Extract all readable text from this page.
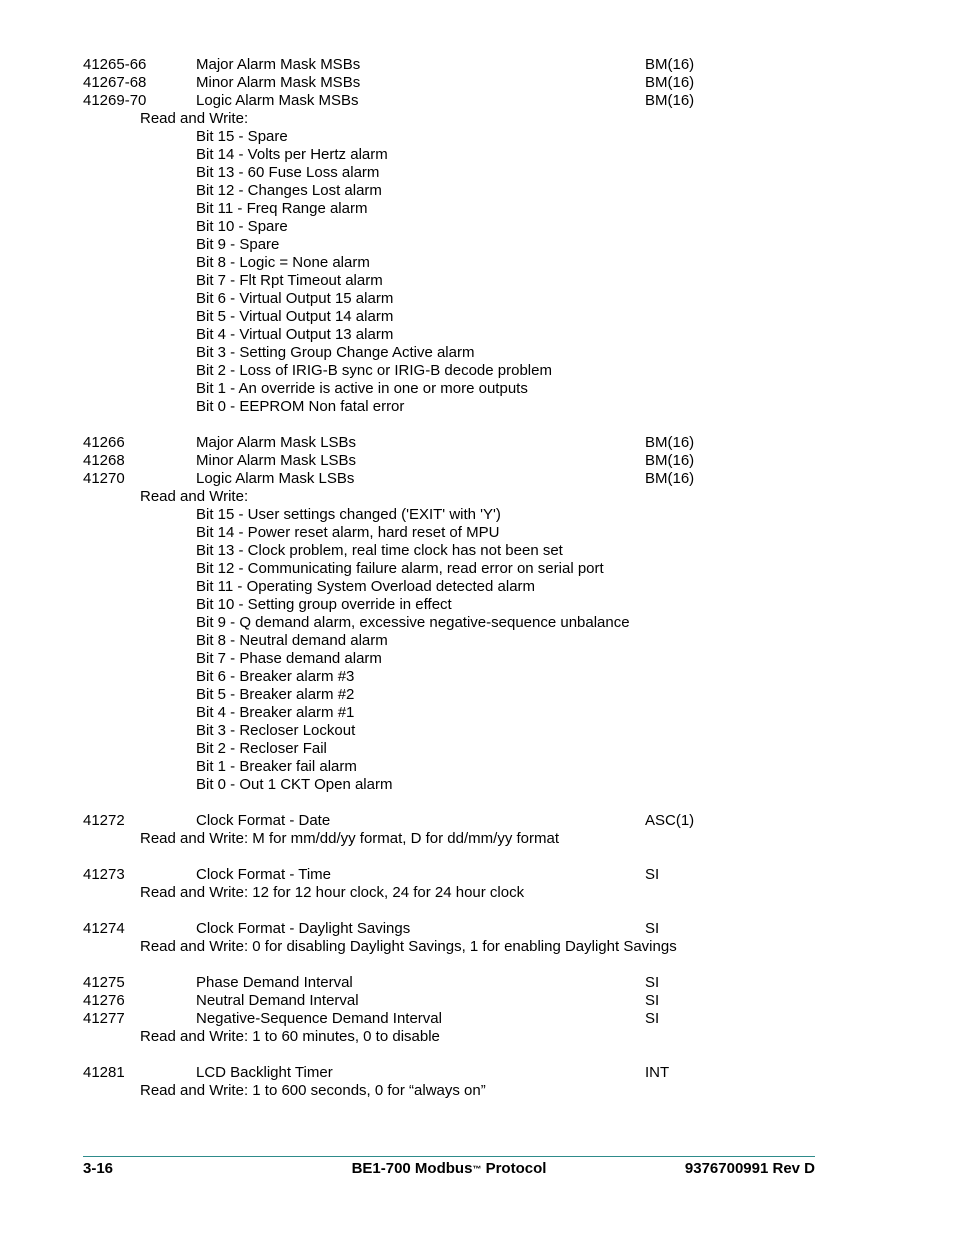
41265-66	Major Alarm Mask MSBs	BM(16)
41267-68	Minor Alarm Mask MSBs	BM(16)
41269-70	Logic Alarm Mask MSBs	BM(16)
Read and Write:
Bit 15 - Spare
Bit 14 - Volts per Hertz alarm
Bit 13 - 60 Fuse Loss alarm
Bit 12 - Changes Lost alarm
Bit 11 - Freq Range alarm
Bit 10 - Spare
Bit 9 - Spare
Bit 8 - Logic = None alarm
Bit 7 - Flt Rpt Timeout alarm
Bit 6 - Virtual Output 15 alarm
Bit 5 - Virtual Output 14 alarm
Bit 4 - Virtual Output 13 alarm
Bit 3 - Setting Group Change Active alarm
Bit 2 - Loss of IRIG-B sync or IRIG-B decode problem
Bit 1 - An override is active in one or more outputs
Bit 0 - EEPROM Non fatal error
41266	Major Alarm Mask LSBs	BM(16)
41268	Minor Alarm Mask LSBs	BM(16)
41270	Logic Alarm Mask LSBs	BM(16)
Read and Write:
Bit 15 - User settings changed ('EXIT' with 'Y')
Bit 14 - Power reset alarm, hard reset of MPU
Bit 13 - Clock problem, real time clock has not been set
Bit 12 - Communicating failure alarm, read error on serial port
Bit 11 - Operating System Overload detected alarm
Bit 10 - Setting group override in effect
Bit 9 - Q demand alarm, excessive negative-sequence unbalance
Bit 8 - Neutral demand alarm
Bit 7 - Phase demand alarm
Bit 6 - Breaker alarm #3
Bit 5 - Breaker alarm #2
Bit 4 - Breaker alarm #1
Bit 3 - Recloser Lockout
Bit 2 - Recloser Fail
Bit 1 - Breaker fail alarm
Bit 0 - Out 1 CKT Open alarm
41272	Clock Format - Date	ASC(1)
Read and Write: M for mm/dd/yy format, D for dd/mm/yy format
41273	Clock Format - Time	SI
Read and Write: 12 for 12 hour clock, 24 for 24 hour clock
41274	Clock Format - Daylight Savings	SI
Read and Write: 0 for disabling Daylight Savings, 1 for enabling Daylight Savings
41275	Phase Demand Interval	SI
41276	Neutral Demand Interval	SI
41277	Negative-Sequence Demand Interval	SI
Read and Write: 1 to 60 minutes, 0 to disable
41281	LCD Backlight Timer	INT
Read and Write: 1 to 600 seconds, 0 for “always on”
3-16	BE1-700 Modbus™ Protocol	9376700991 Rev D
